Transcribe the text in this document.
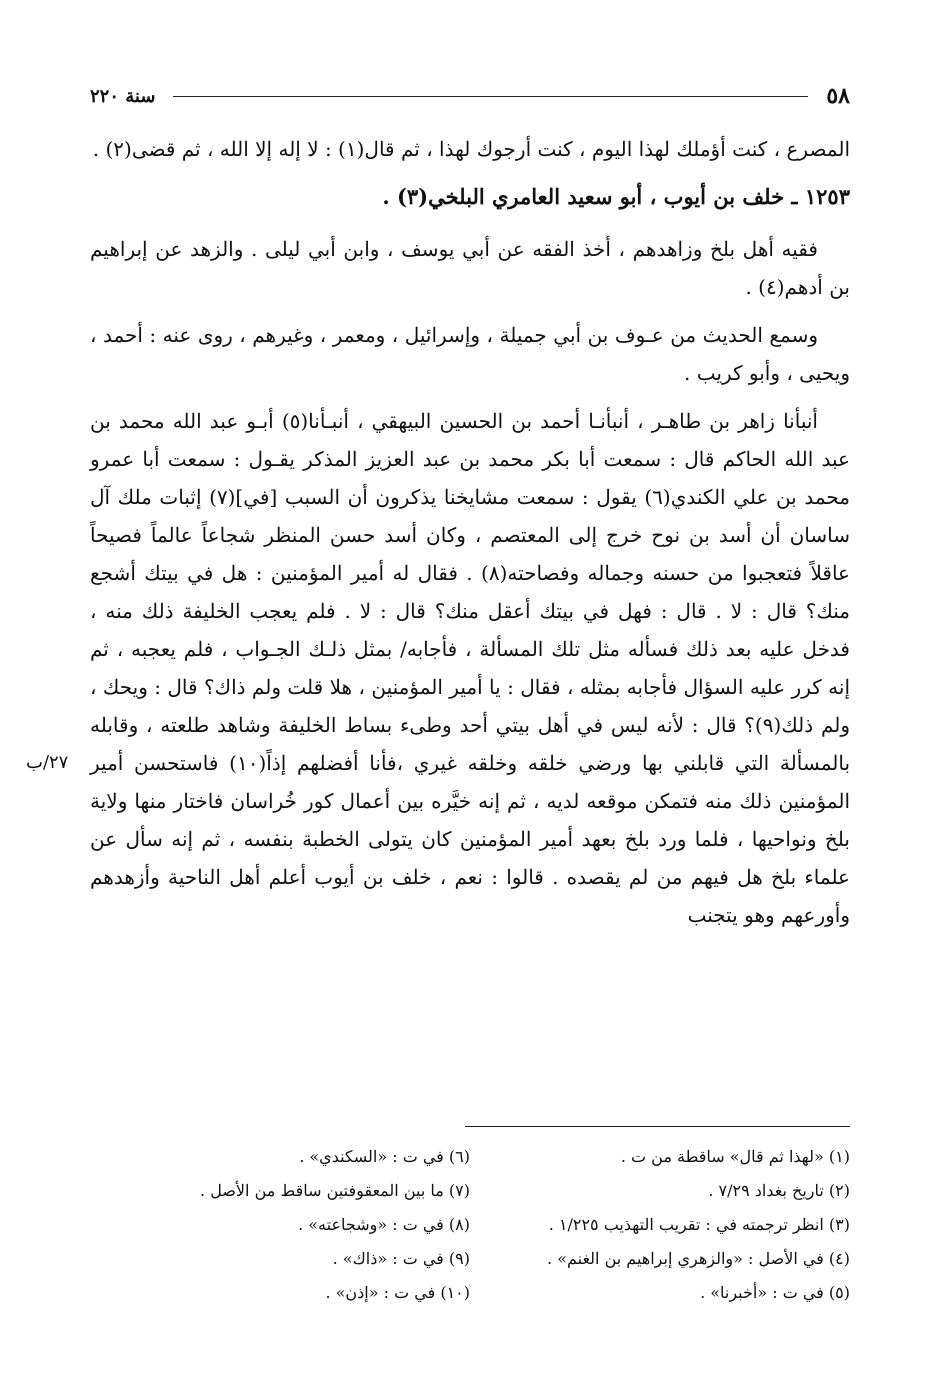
٥٨
سنة ٢٢٠

المصرع ، كنت أؤملك لهذا اليوم ، كنت أرجوك لهذا ، ثم قال(١) : لا إله إلا الله ، ثم قضى(٢) .

١٢٥٣ ـ خلف بن أيوب ، أبو سعيد العامري البلخي(٣) .

فقيه أهل بلخ وزاهدهم ، أخذ الفقه عن أبي يوسف ، وابن أبي ليلى . والزهد عن إبراهيم بن أدهم(٤) .

وسمع الحديث من عـوف بن أبي جميلة ، وإسرائيل ، ومعمر ، وغيرهم ، روى عنه : أحمد ، ويحيى ، وأبو كريب .

أنبأنا زاهر بن طاهـر ، أنبأنـا أحمد بن الحسين البيهقي ، أنبـأنا(٥) أبـو عبد الله محمد بن عبد الله الحاكم قال : سمعت أبا بكر محمد بن عبد العزيز المذكر يقـول : سمعت أبا عمرو محمد بن علي الكندي(٦) يقول : سمعت مشايخنا يذكرون أن السبب [في](٧) إثبات ملك آل ساسان أن أسد بن نوح خرج إلى المعتصم ، وكان أسد حسن المنظر شجاعاً عالماً فصيحاً عاقلاً فتعجبوا من حسنه وجماله وفصاحته(٨) . فقال له أمير المؤمنين : هل في بيتك أشجع منك؟ قال : لا . قال : فهل في بيتك أعقل منك؟ قال : لا . فلم يعجب الخليفة ذلك منه ، فدخل عليه بعد ذلك فسأله مثل تلك المسألة ، فأجابه/ بمثل ذلـك الجـواب ، فلم يعجبه ، ثم إنه كرر عليه السؤال فأجابه بمثله ، فقال : يا أمير المؤمنين ، هلا قلت ولم ذاك؟ قال : ويحك ، ولم ذلك(٩)؟ قال : لأنه ليس في أهل بيتي أحد وطىء بساط الخليفة وشاهد طلعته ، وقابله بالمسألة التي قابلني بها ورضي خلقه وخلقه غيري ،فأنا أفضلهم إذاً(١٠) فاستحسن أمير المؤمنين ذلك منه فتمكن موقعه لديه ، ثم إنه خيَّره بين أعمال كور خُراسان فاختار منها ولاية بلخ ونواحيها ، فلما ورد بلخ بعهد أمير المؤمنين كان يتولى الخطبة بنفسه ، ثم إنه سأل عن علماء بلخ هل فيهم من لم يقصده . قالوا : نعم ، خلف بن أيوب أعلم أهل الناحية وأزهدهم وأورعهم وهو يتجنب

٢٧/ب
(١) «لهذا ثم قال» ساقطة من ت .
(٢) تاريخ بغداد ٧/٢٩ .
(٣) انظر ترجمته في : تقريب التهذيب ١/٢٢٥ .
(٤) في الأصل : «والزهري إبراهيم بن الغنم» .
(٥) في ت : «أخبرنا» .
(٦) في ت : «السكندي» .
(٧) ما بين المعقوفتين ساقط من الأصل .
(٨) في ت : «وشجاعته» .
(٩) في ت : «ذاك» .
(١٠) في ت : «إذن» .
